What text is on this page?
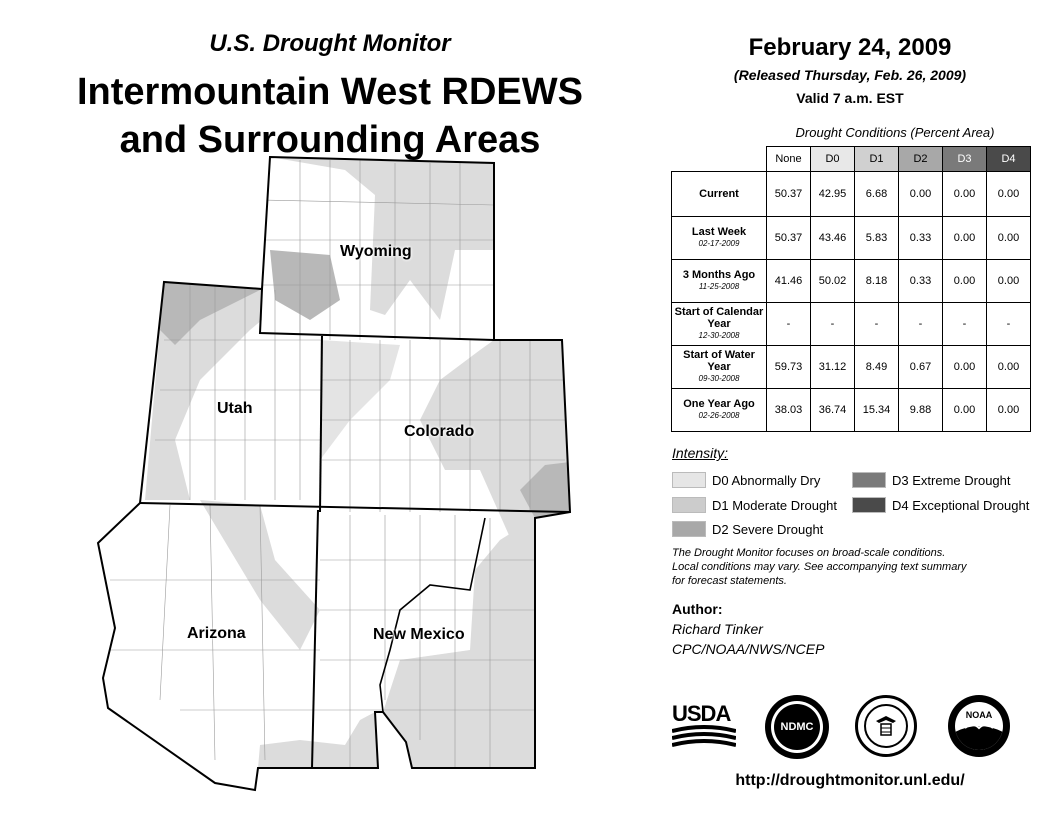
U.S. Drought Monitor
Intermountain West RDEWS
and Surrounding Areas
Wyoming
Utah
Colorado
Arizona	New Mexico
February 24, 2009
(Released Thursday, Feb. 26, 2009)
Valid 7 a.m. EST
Drought Conditions (Percent Area)
	None	D0	D1	D2	D3	D4

Current	50.37	42.95	6.68	0.00	0.00	0.00

Last Week
02-17-2009	50.37	43.46	5.83	0.33	0.00	0.00

3 Months Ago
11-25-2008	41.46	50.02	8.18	0.33	0.00	0.00

Start of Calendar Year
12-30-2008	-	-	-	-	-	-

Start of Water Year
09-30-2008	59.73	31.12	8.49	0.67	0.00	0.00

One Year Ago
02-26-2008	38.03	36.74	15.34	9.88	0.00	0.00
Intensity:
D0 Abnormally Dry
D1 Moderate Drought
D2 Severe Drought
D3 Extreme Drought
D4 Exceptional Drought
The Drought Monitor focuses on broad-scale conditions.
Local conditions may vary. See accompanying text summary
for forecast statements.
Author:
Richard Tinker
CPC/NOAA/NWS/NCEP
USDA
NDMC
NOAA
http://droughtmonitor.unl.edu/
